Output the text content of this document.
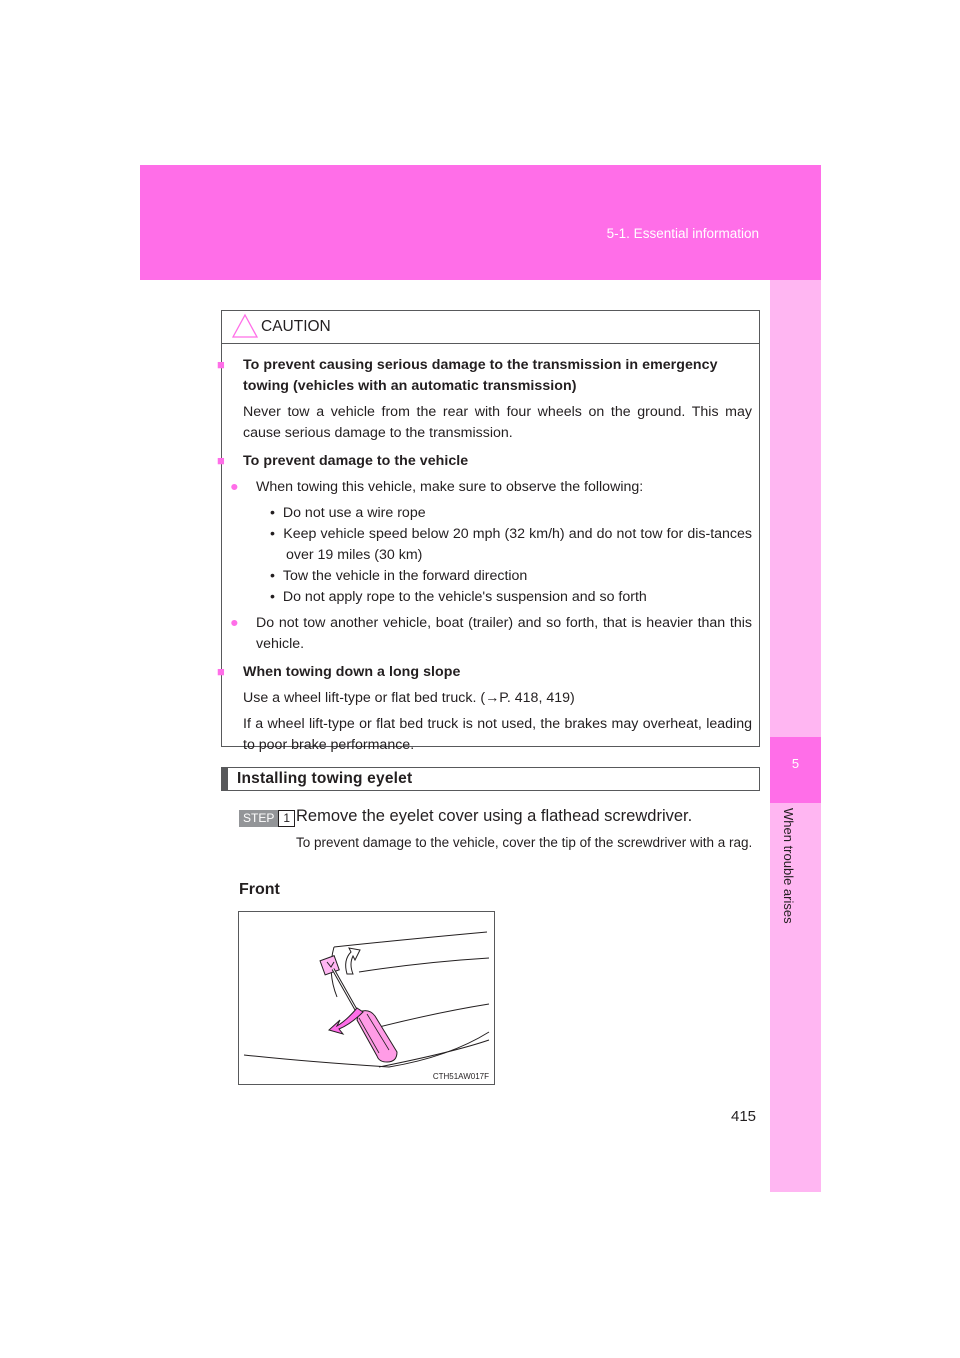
5-1. Essential information
5
When trouble arises
CAUTION
■ To prevent causing serious damage to the transmission in emergency towing (vehicles with an automatic transmission)
Never tow a vehicle from the rear with four wheels on the ground. This may cause serious damage to the transmission.
■ To prevent damage to the vehicle
● When towing this vehicle, make sure to observe the following:
•  Do not use a wire rope
•  Keep vehicle speed below 20 mph (32 km/h) and do not tow for dis-tances over 19 miles (30 km)
•  Tow the vehicle in the forward direction
•  Do not apply rope to the vehicle's suspension and so forth
● Do not tow another vehicle, boat (trailer) and so forth, that is heavier than this vehicle.
■ When towing down a long slope
Use a wheel lift-type or flat bed truck. (→P. 418, 419)
If a wheel lift-type or flat bed truck is not used, the brakes may overheat, leading to poor brake performance.
Installing towing eyelet
STEP 1 Remove the eyelet cover using a flathead screwdriver.
To prevent damage to the vehicle, cover the tip of the screwdriver with a rag.
Front
CTH51AW017F
415
